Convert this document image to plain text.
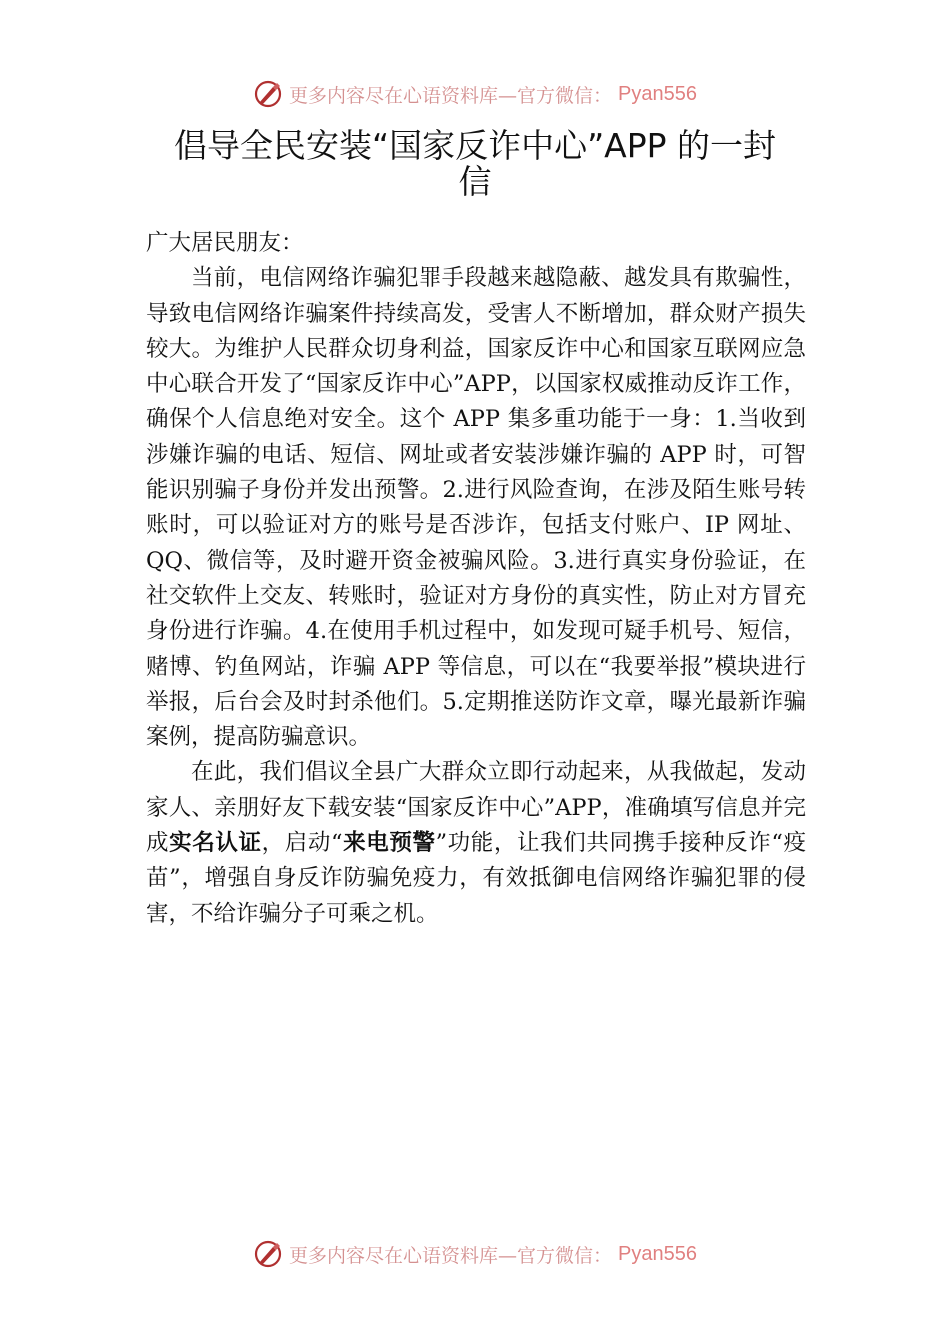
更多内容尽在心语资料库—官方微信： Pyan556
倡导全民安装“国家反诈中心”APP 的一封信

广大居民朋友：

当前，电信网络诈骗犯罪手段越来越隐蔽、越发具有欺骗性，导致电信网络诈骗案件持续高发，受害人不断增加，群众财产损失较大。为维护人民群众切身利益，国家反诈中心和国家互联网应急中心联合开发了“国家反诈中心”APP，以国家权威推动反诈工作，确保个人信息绝对安全。这个 APP 集多重功能于一身：1.当收到涉嫌诈骗的电话、短信、网址或者安装涉嫌诈骗的 APP 时，可智能识别骗子身份并发出预警。2.进行风险查询，在涉及陌生账号转账时，可以验证对方的账号是否涉诈，包括支付账户、IP 网址、QQ、微信等，及时避开资金被骗风险。3.进行真实身份验证，在社交软件上交友、转账时，验证对方身份的真实性，防止对方冒充身份进行诈骗。4.在使用手机过程中，如发现可疑手机号、短信，赌博、钓鱼网站，诈骗 APP 等信息，可以在“我要举报”模块进行举报，后台会及时封杀他们。5.定期推送防诈文章，曝光最新诈骗案例，提高防骗意识。

在此，我们倡议全县广大群众立即行动起来，从我做起，发动家人、亲朋好友下载安装“国家反诈中心”APP，准确填写信息并完成实名认证，启动“来电预警”功能，让我们共同携手接种反诈“疫苗”，增强自身反诈防骗免疫力，有效抵御电信网络诈骗犯罪的侵害，不给诈骗分子可乘之机。

更多内容尽在心语资料库—官方微信： Pyan556
